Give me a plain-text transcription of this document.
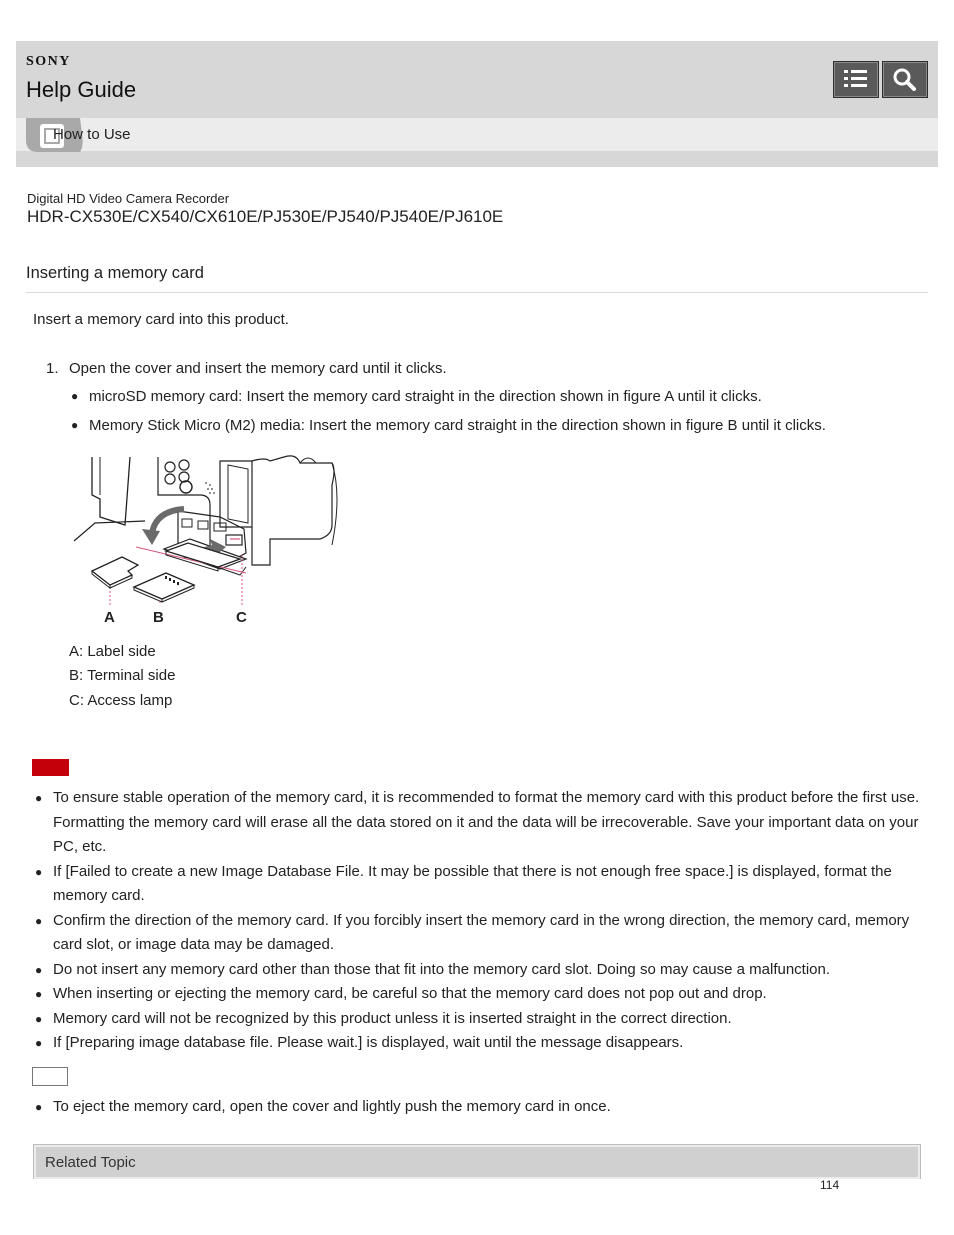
SONY
Help Guide
How to Use
Digital HD Video Camera Recorder
HDR-CX530E/CX540/CX610E/PJ530E/PJ540/PJ540E/PJ610E
Inserting a memory card
Insert a memory card into this product.
1. Open the cover and insert the memory card until it clicks.
● microSD memory card: Insert the memory card straight in the direction shown in figure A until it clicks.
● Memory Stick Micro (M2) media: Insert the memory card straight in the direction shown in figure B until it clicks.
A	B	C
A: Label side
B: Terminal side
C: Access lamp
● To ensure stable operation of the memory card, it is recommended to format the memory card with this product before the first use. Formatting the memory card will erase all the data stored on it and the data will be irrecoverable. Save your important data on your PC, etc.
● If [Failed to create a new Image Database File. It may be possible that there is not enough free space.] is displayed, format the memory card.
● Confirm the direction of the memory card. If you forcibly insert the memory card in the wrong direction, the memory card, memory card slot, or image data may be damaged.
● Do not insert any memory card other than those that fit into the memory card slot. Doing so may cause a malfunction.
● When inserting or ejecting the memory card, be careful so that the memory card does not pop out and drop.
● Memory card will not be recognized by this product unless it is inserted straight in the correct direction.
● If [Preparing image database file. Please wait.] is displayed, wait until the message disappears.
● To eject the memory card, open the cover and lightly push the memory card in once.
Related Topic
114
